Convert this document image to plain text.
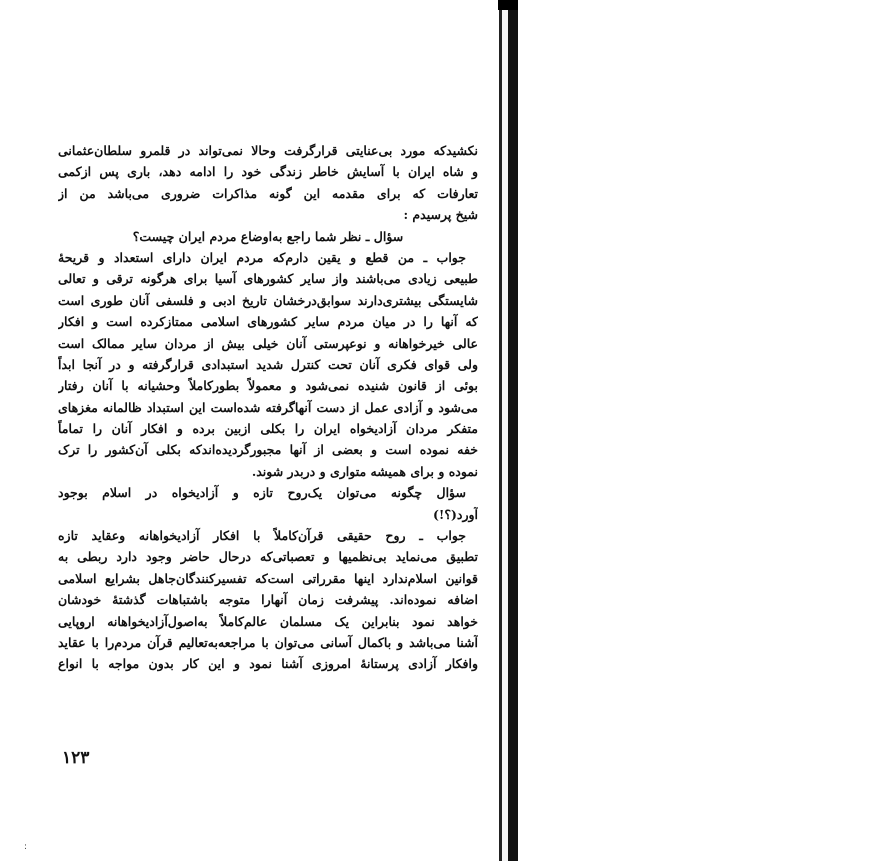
نکشیدکه مورد بی‌عنایتی قرارگرفت وحالا نمی‌تواند در قلمرو سلطان‌عثمانی
و شاه ایران با آسایش خاطر زندگی خود را ادامه دهد، باری پس ازکمی
تعارفات که برای مقدمه این گونه مذاکرات ضروری می‌باشد من از
شیخ پرسیدم :
سؤال ـ نظر شما راجع به‌اوضاع مردم ایران چیست؟
جواب ـ من قطع و یقین دارم‌که مردم ایران دارای استعداد و قریحهٔ
طبیعی زیادی می‌باشند واز سایر کشورهای آسیا برای هرگونه ترقی و تعالی
شایستگی بیشتری‌دارند سوابق‌درخشان تاریخ ادبی و فلسفی آنان طوری است
که آنها را در میان مردم سایر کشورهای اسلامی ممتازکرده است و افکار
عالی خیرخواهانه و نوعپرستی آنان خیلی بیش از مردان سایر ممالک است
ولی قوای فکری آنان تحت کنترل شدید استبدادی قرارگرفته و در آنجا ابداً
بوئی از قانون شنیده نمی‌شود و معمولاً بطورکاملاً وحشیانه با آنان رفتار
می‌شود و آزادی عمل از دست آنهاگرفته شده‌است این استبداد ظالمانه مغزهای
متفکر مردان آزادیخواه ایران را بکلی ازبین برده و افکار آنان را تماماً
خفه نموده است و بعضی از آنها مجبورگردیده‌اندکه بکلی آن‌کشور را ترک
نموده و برای همیشه متواری و دربدر شوند.
سؤال چگونه می‌توان یک‌روح تازه و آزادیخواه در اسلام بوجود
آورد(؟!)
جواب ـ روح حقیقی قرآن‌کاملاً با افکار آزادیخواهانه وعقاید تازه
تطبیق می‌نماید بی‌نظمیها و تعصباتی‌که درحال حاضر وجود دارد ربطی به
قوانین اسلام‌ندارد اینها مقرراتی است‌که تفسیرکنندگان‌جاهل بشرایع اسلامی
اضافه نموده‌اند. پیشرفت زمان آنهارا متوجه باشتباهات گذشتهٔ خودشان
خواهد نمود بنابراین یک مسلمان عالم‌کاملاً به‌اصول‌آزادیخواهانه اروپایی
آشنا می‌باشد و باکمال آسانی می‌توان با مراجعه‌به‌تعالیم قرآن مردم‌را با عقاید
وافکار آزادی پرستانهٔ امروزی آشنا نمود و این کار بدون مواجه با انواع
۱۲۳
:
